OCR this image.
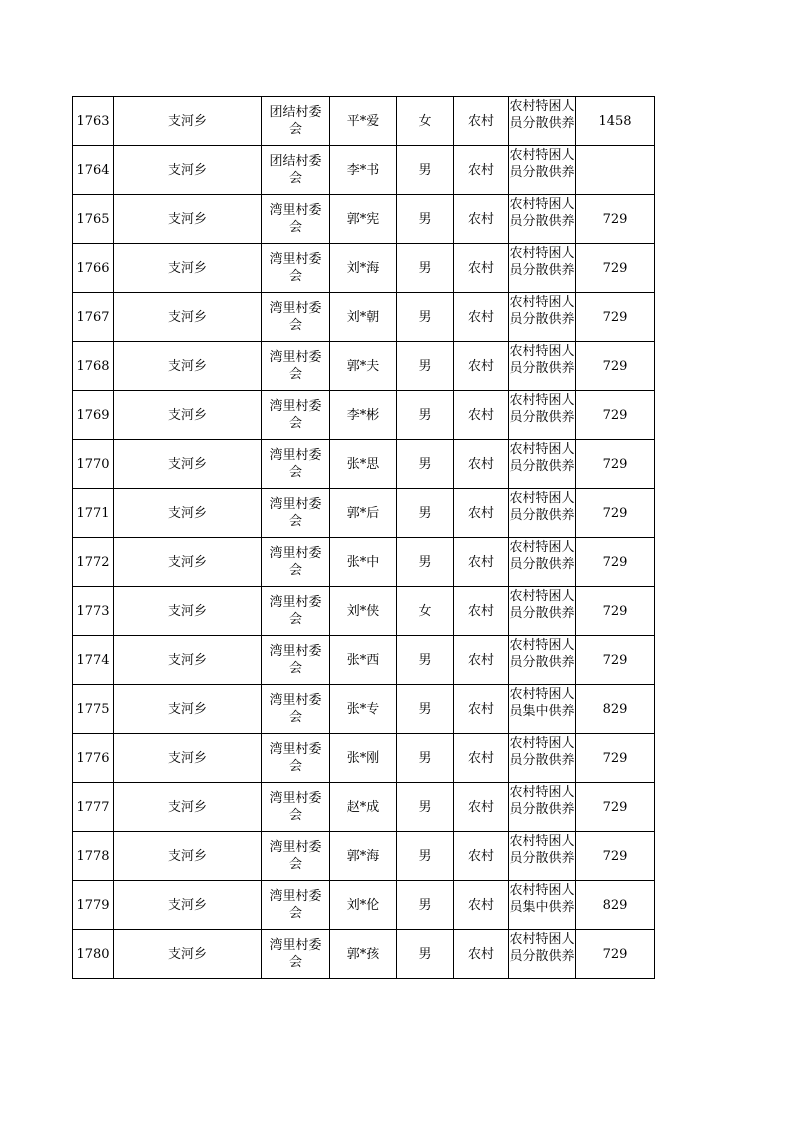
1763	支河乡	团结村委会	平*爱	女	农村	农村特困人员分散供养	1458
1764	支河乡	团结村委会	李*书	男	农村	农村特困人员分散供养	

1765	支河乡	湾里村委会	郭*宪	男	农村	农村特困人员分散供养	729
1766	支河乡	湾里村委会	刘*海	男	农村	农村特困人员分散供养	729
1767	支河乡	湾里村委会	刘*朝	男	农村	农村特困人员分散供养	729
1768	支河乡	湾里村委会	郭*夫	男	农村	农村特困人员分散供养	729
1769	支河乡	湾里村委会	李*彬	男	农村	农村特困人员分散供养	729
1770	支河乡	湾里村委会	张*思	男	农村	农村特困人员分散供养	729
1771	支河乡	湾里村委会	郭*后	男	农村	农村特困人员分散供养	729
1772	支河乡	湾里村委会	张*中	男	农村	农村特困人员分散供养	729
1773	支河乡	湾里村委会	刘*侠	女	农村	农村特困人员分散供养	729
1774	支河乡	湾里村委会	张*西	男	农村	农村特困人员分散供养	729
1775	支河乡	湾里村委会	张*专	男	农村	农村特困人员集中供养	829
1776	支河乡	湾里村委会	张*刚	男	农村	农村特困人员分散供养	729
1777	支河乡	湾里村委会	赵*成	男	农村	农村特困人员分散供养	729
1778	支河乡	湾里村委会	郭*海	男	农村	农村特困人员分散供养	729
1779	支河乡	湾里村委会	刘*伦	男	农村	农村特困人员集中供养	829
1780	支河乡	湾里村委会	郭*孩	男	农村	农村特困人员分散供养	729
